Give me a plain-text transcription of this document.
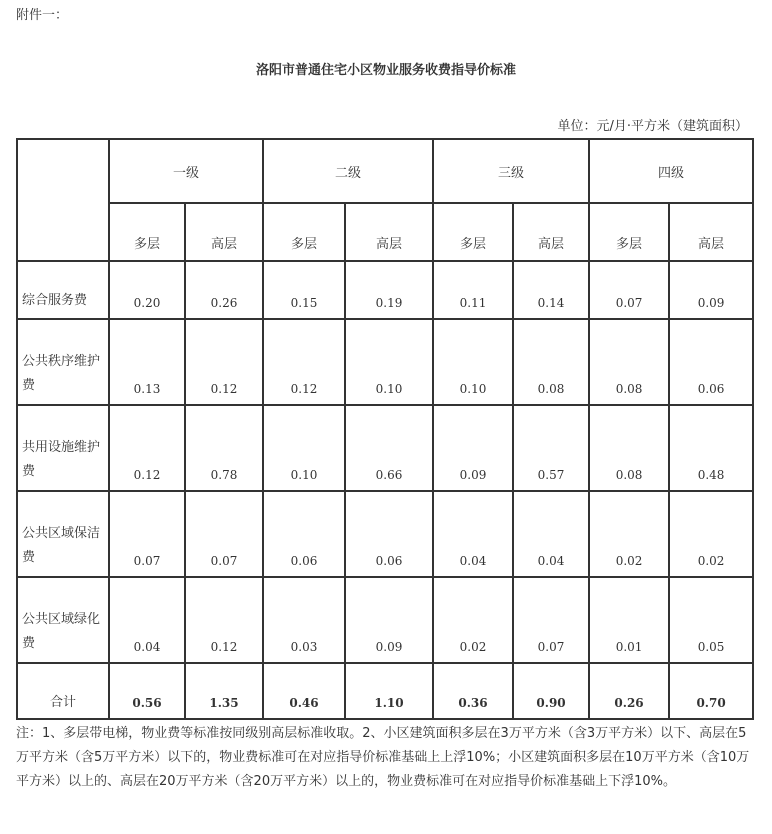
附件一：
洛阳市普通住宅小区物业服务收费指导价标准
单位：元/月·平方米（建筑面积）
	一级		二级		三级		四级	
	多层	高层	多层	高层	多层	高层	多层	高层
综合服务费	0.20	0.26	0.15	0.19	0.11	0.14	0.07	0.09
公共秩序维护费	0.13	0.12	0.12	0.10	0.10	0.08	0.08	0.06
共用设施维护费	0.12	0.78	0.10	0.66	0.09	0.57	0.08	0.48
公共区域保洁费	0.07	0.07	0.06	0.06	0.04	0.04	0.02	0.02
公共区域绿化费	0.04	0.12	0.03	0.09	0.02	0.07	0.01	0.05
合计	0.56	1.35	0.46	1.10	0.36	0.90	0.26	0.70
注：1、多层带电梯，物业费等标准按同级别高层标准收取。2、小区建筑面积多层在3万平方米（含3万平方米）以下、高层在5万平方米（含5万平方米）以下的，物业费标准可在对应指导价标准基础上上浮10%；小区建筑面积多层在10万平方米（含10万平方米）以上的、高层在20万平方米（含20万平方米）以上的，物业费标准可在对应指导价标准基础上下浮10%。
